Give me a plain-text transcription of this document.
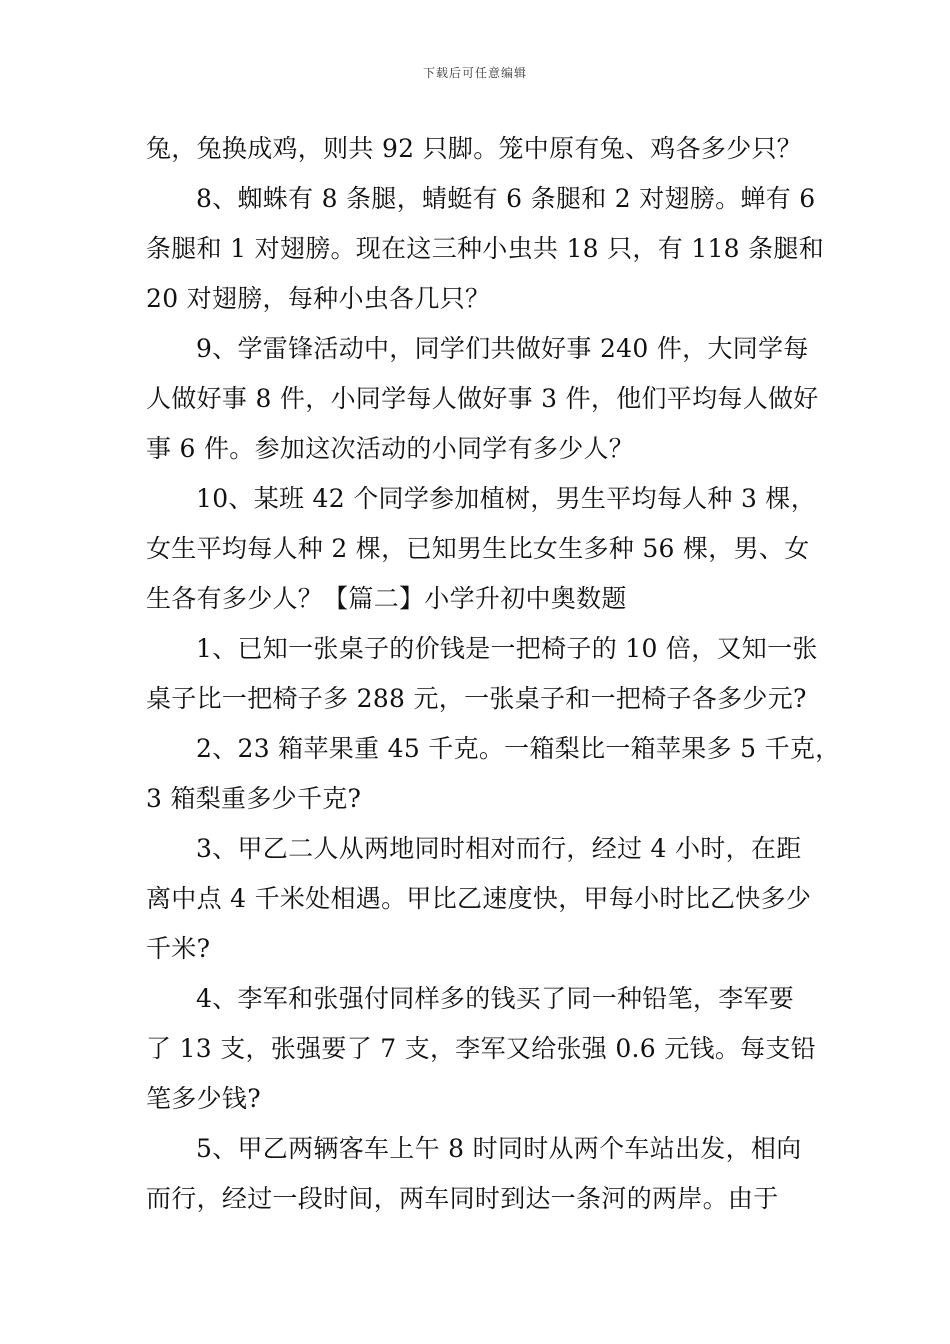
下载后可任意编辑
兔，兔换成鸡，则共 92 只脚。笼中原有兔、鸡各多少只？
8、蜘蛛有 8 条腿，蜻蜓有 6 条腿和 2 对翅膀。蝉有 6
条腿和 1 对翅膀。现在这三种小虫共 18 只，有 118 条腿和
20 对翅膀，每种小虫各几只？
9、学雷锋活动中，同学们共做好事 240 件，大同学每
人做好事 8 件，小同学每人做好事 3 件，他们平均每人做好
事 6 件。参加这次活动的小同学有多少人？
10、某班 42 个同学参加植树，男生平均每人种 3 棵，
女生平均每人种 2 棵，已知男生比女生多种 56 棵，男、女
生各有多少人？【篇二】小学升初中奥数题
1、已知一张桌子的价钱是一把椅子的 10 倍，又知一张
桌子比一把椅子多 288 元，一张桌子和一把椅子各多少元?
2、23 箱苹果重 45 千克。一箱梨比一箱苹果多 5 千克，
3 箱梨重多少千克?
3、甲乙二人从两地同时相对而行，经过 4 小时，在距
离中点 4 千米处相遇。甲比乙速度快，甲每小时比乙快多少
千米?
4、李军和张强付同样多的钱买了同一种铅笔，李军要
了 13 支，张强要了 7 支，李军又给张强 0.6 元钱。每支铅
笔多少钱?
5、甲乙两辆客车上午 8 时同时从两个车站出发，相向
而行，经过一段时间，两车同时到达一条河的两岸。由于
